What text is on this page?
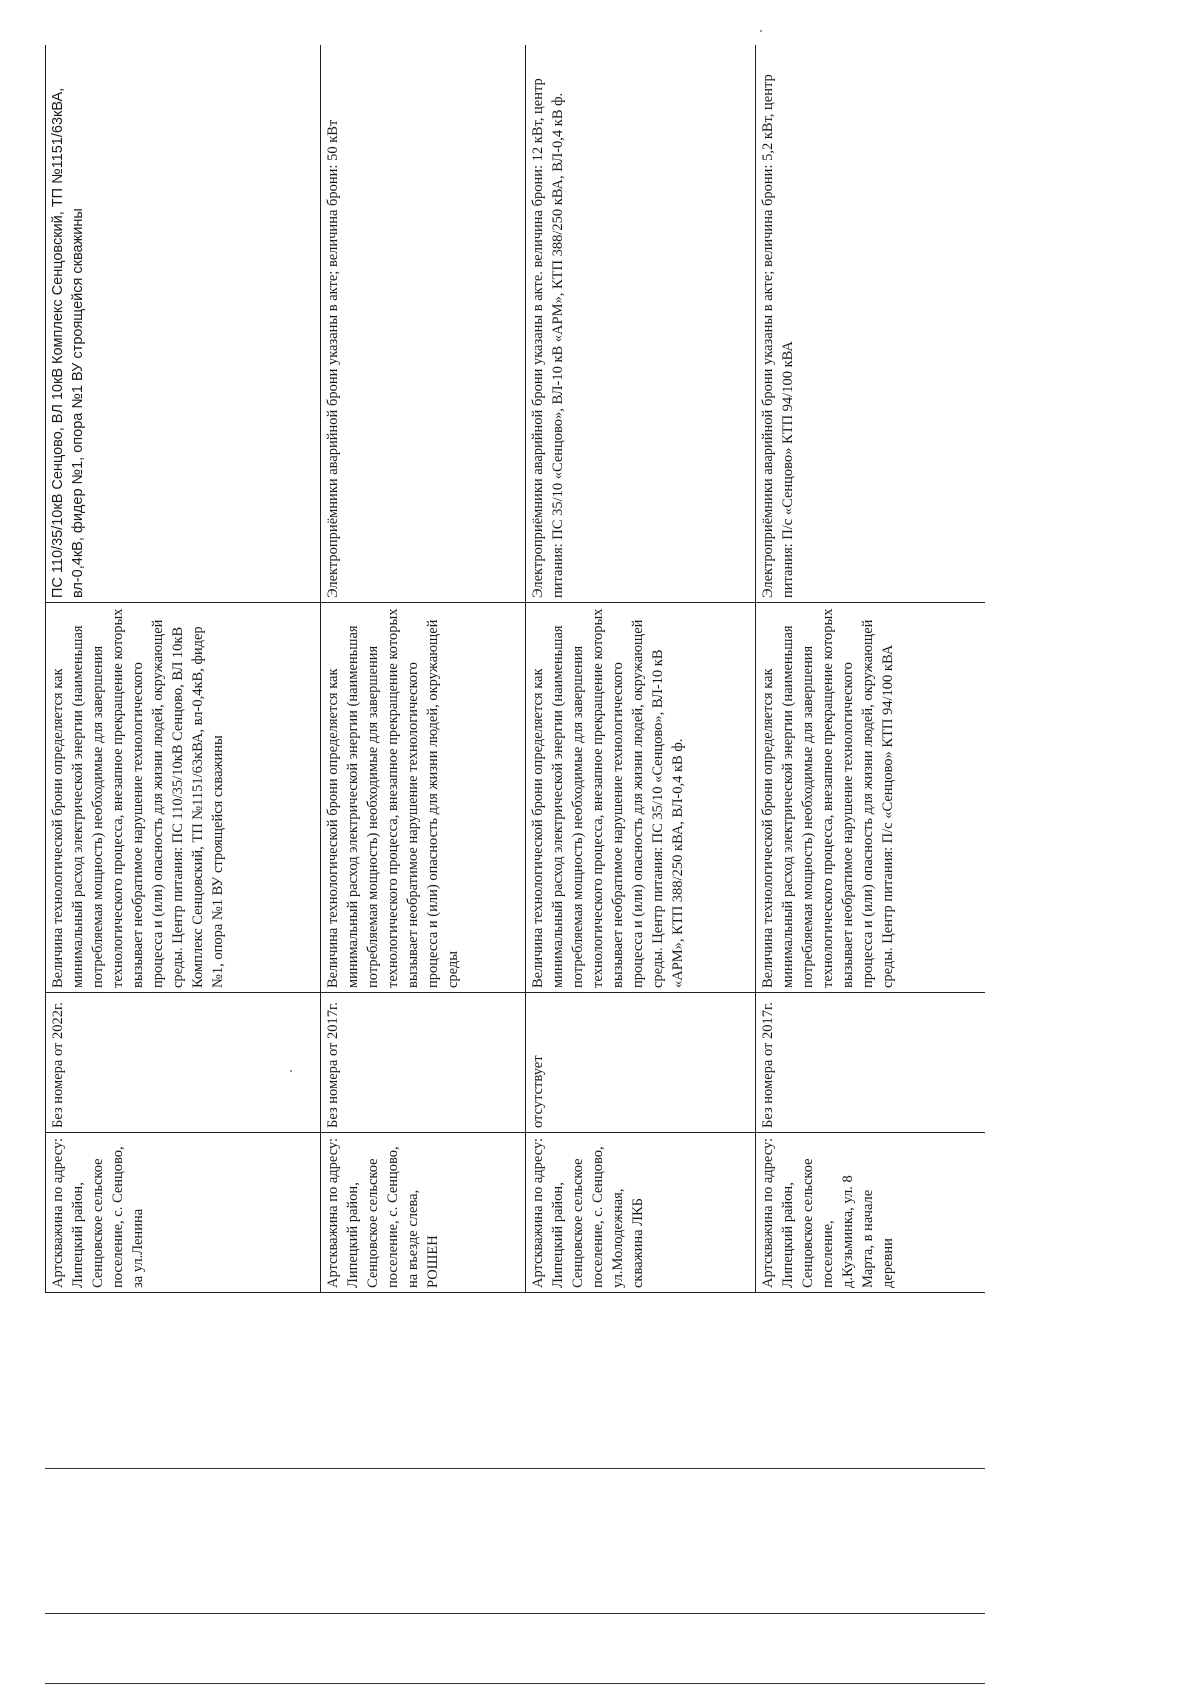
Артскважина по адресу: Липецкий район, Сенцовское сельское поселение, с. Сенцово, за ул.Ленина	Без номера от 2022г.	Величина технологической брони определяется как минимальный расход электрической энергии (наименьшая потребляемая мощность) необходимые для завершения технологического процесса, внезапное прекращение которых вызывает необратимое нарушение технологического процесса и (или) опасность для жизни людей, окружающей среды. Центр питания: ПС 110/35/10кВ Сенцово, ВЛ 10кВ Комплекс Сенцовский, ТП №1151/63кВА, вл-0,4кВ, фидер №1, опора №1 ВУ строящейся скважины	ПС 110/35/10кВ Сенцово, ВЛ 10кВ Комплекс Сенцовский, ТП №1151/63кВА, вл-0,4кВ, фидер №1, опора №1 ВУ строящейся скважины

Артскважина по адресу: Липецкий район, Сенцовское сельское поселение, с. Сенцово, на въезде слева, РОШЕН	Без номера от 2017г.	Величина технологической брони определяется как минимальный расход электрической энергии (наименьшая потребляемая мощность) необходимые для завершения технологического процесса, внезапное прекращение которых вызывает необратимое нарушение технологического процесса и (или) опасность для жизни людей, окружающей среды	Электроприёмники аварийной брони указаны в акте; величина брони: 50 кВт

Артскважина по адресу: Липецкий район, Сенцовское сельское поселение, с. Сенцово, ул.Молодежная, скважина ЛКБ	отсутствует	Величина технологической брони определяется как минимальный расход электрической энергии (наименьшая потребляемая мощность) необходимые для завершения технологического процесса, внезапное прекращение которых вызывает необратимое нарушение технологического процесса и (или) опасность для жизни людей, окружающей среды. Центр питания: ПС 35/10 «Сенцово», ВЛ-10 кВ «АРМ», КТП 388/250 кВА, ВЛ-0,4 кВ ф.	Электроприёмники аварийной брони указаны в акте. величина брони: 12 кВт, центр питания: ПС 35/10 «Сенцово», ВЛ-10 кВ «АРМ», КТП 388/250 кВА, ВЛ-0,4 кВ ф.

Артскважина по адресу: Липецкий район, Сенцовское сельское поселение, д.Кузьминка, ул. 8 Марта, в начале деревни	Без номера от 2017г.	Величина технологической брони определяется как минимальный расход электрической энергии (наименьшая потребляемая мощность) необходимые для завершения технологического процесса, внезапное прекращение которых вызывает необратимое нарушение технологического процесса и (или) опасность для жизни людей, окружающей среды. Центр питания: П/с «Сенцово» КТП 94/100 кВА	Электроприёмники аварийной брони указаны в акте; величина брони: 5,2 кВт, центр питания: П/с «Сенцово» КТП 94/100 кВА
